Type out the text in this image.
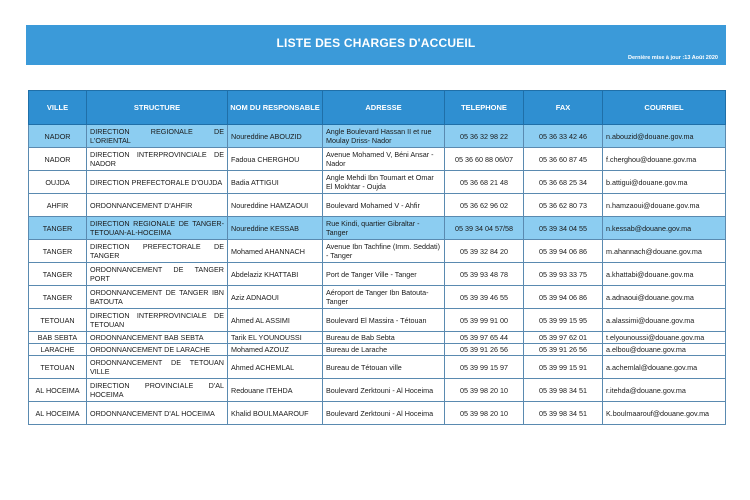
LISTE DES CHARGES D'ACCUEIL
Dernière mise à jour :13 Août 2020
VILLE	STRUCTURE	NOM DU RESPONSABLE	ADRESSE	TELEPHONE	FAX	COURRIEL
NADOR	DIRECTION REGIONALE DE L'ORIENTAL	Noureddine ABOUZID	Angle Boulevard Hassan II et rue Moulay Driss- Nador	05 36 32 98 22	05 36 33 42 46	n.abouzid@douane.gov.ma
NADOR	DIRECTION INTERPROVINCIALE DE NADOR	Fadoua CHERGHOU	Avenue Mohamed V, Béni Ansar - Nador	05 36 60 88 06/07	05 36 60 87 45	f.cherghou@douane.gov.ma
OUJDA	DIRECTION PREFECTORALE D'OUJDA	Badia ATTIGUI	Angle Mehdi Ibn Toumart et Omar El Mokhtar - Oujda	05 36 68 21 48	05 36 68 25 34	b.attigui@douane.gov.ma
AHFIR	ORDONNANCEMENT D'AHFIR	Noureddine HAMZAOUI	Boulevard Mohamed V - Ahfir	05 36 62 96 02	05 36 62 80 73	n.hamzaoui@douane.gov.ma
TANGER	DIRECTION REGIONALE DE TANGER-TETOUAN-AL-HOCEIMA	Noureddine KESSAB	Rue Kindi, quartier Gibraltar - Tanger	05 39 34 04 57/58	05 39 34 04 55	n.kessab@douane.gov.ma
TANGER	DIRECTION PREFECTORALE DE TANGER	Mohamed AHANNACH	Avenue Ibn Tachfine (Imm. Seddati) - Tanger	05 39 32 84 20	05 39 94 06 86	m.ahannach@douane.gov.ma
TANGER	ORDONNANCEMENT DE TANGER PORT	Abdelaziz KHATTABI	Port de Tanger Ville - Tanger	05 39 93 48 78	05 39 93 33 75	a.khattabi@douane.gov.ma
TANGER	ORDONNANCEMENT DE TANGER IBN BATOUTA	Aziz ADNAOUI	Aéroport de Tanger Ibn Batouta- Tanger	05 39 39 46 55	05 39 94 06 86	a.adnaoui@douane.gov.ma
TETOUAN	DIRECTION INTERPROVINCIALE DE TETOUAN	Ahmed AL ASSIMI	Boulevard El Massira - Tétouan	05 39 99 91 00	05 39 99 15 95	a.alassimi@douane.gov.ma
BAB SEBTA	ORDONNANCEMENT BAB SEBTA	Tarik EL YOUNOUSSI	Bureau de Bab Sebta	05 39 97 65 44	05 39 97 62 01	t.elyounoussi@douane.gov.ma
LARACHE	ORDONNANCEMENT DE LARACHE	Mohamed AZOUZ	Bureau de Larache	05 39 91 26 56	05 39 91 26 56	a.elbou@douane.gov.ma
TETOUAN	ORDONNANCEMENT DE TETOUAN VILLE	Ahmed ACHEMLAL	Bureau de Tétouan ville	05 39 99 15 97	05 39 99 15 91	a.achemlal@douane.gov.ma
AL HOCEIMA	DIRECTION PROVINCIALE D'AL HOCEIMA	Redouane ITEHDA	Boulevard Zerktouni - Al Hoceima	05 39 98 20 10	05 39 98 34 51	r.itehda@douane.gov.ma
AL HOCEIMA	ORDONNANCEMENT D'AL HOCEIMA	Khalid BOULMAAROUF	Boulevard Zerktouni - Al Hoceima	05 39 98 20 10	05 39 98 34 51	K.boulmaarouf@douane.gov.ma
